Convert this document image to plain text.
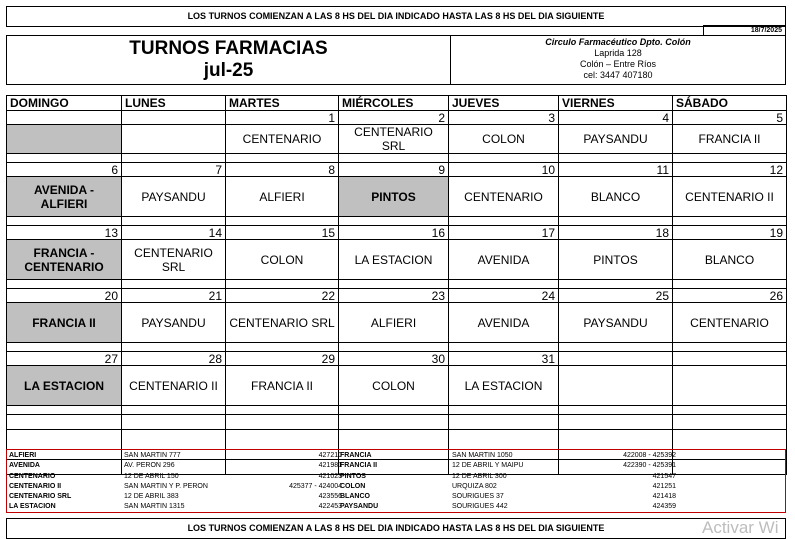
LOS TURNOS COMIENZAN A LAS 8 HS DEL DIA INDICADO HASTA LAS 8 HS DEL DIA SIGUIENTE
18/7/2025
TURNOS FARMACIAS
jul-25
Circulo Farmacéutico Dpto. Colón
Laprida 128
Colón – Entre Ríos
cel: 3447 407180
DOMINGO	LUNES	MARTES	MIÉRCOLES	JUEVES	VIERNES	SÁBADO
		1	2	3	4	5
		CENTENARIO	CENTENARIO SRL	COLON	PAYSANDU	FRANCIA II

6	7	8	9	10	11	12
AVENIDA - ALFIERI	PAYSANDU	ALFIERI	PINTOS	CENTENARIO	BLANCO	CENTENARIO II

13	14	15	16	17	18	19
FRANCIA - CENTENARIO	CENTENARIO SRL	COLON	LA ESTACION	AVENIDA	PINTOS	BLANCO

20	21	22	23	24	25	26
FRANCIA II	PAYSANDU	CENTENARIO SRL	ALFIERI	AVENIDA	PAYSANDU	CENTENARIO

27	28	29	30	31		
LA ESTACION	CENTENARIO II	FRANCIA II	COLON	LA ESTACION		

ALFIERI	SAN MARTIN 777	427210
AVENIDA	AV. PERON 296	421981
CENTENARIO	12 DE ABRIL 150	421023
CENTENARIO II	SAN MARTIN Y P. PERON	425377 - 424004
CENTENARIO SRL	12 DE ABRIL 383	423556
LA ESTACION	SAN MARTIN 1315	422453
FRANCIA	SAN MARTIN 1050	422008 - 425392
FRANCIA II	12 DE ABRIL Y MAIPU	422390 - 425391
PINTOS	12 DE ABRIL 300	421547
COLON	URQUIZA 802	421251
BLANCO	SOURIGUES 37	421418
PAYSANDU	SOURIGUES 442	424359
LOS TURNOS COMIENZAN A LAS 8 HS DEL DIA INDICADO HASTA LAS 8 HS DEL DIA SIGUIENTE	Activar Wi
